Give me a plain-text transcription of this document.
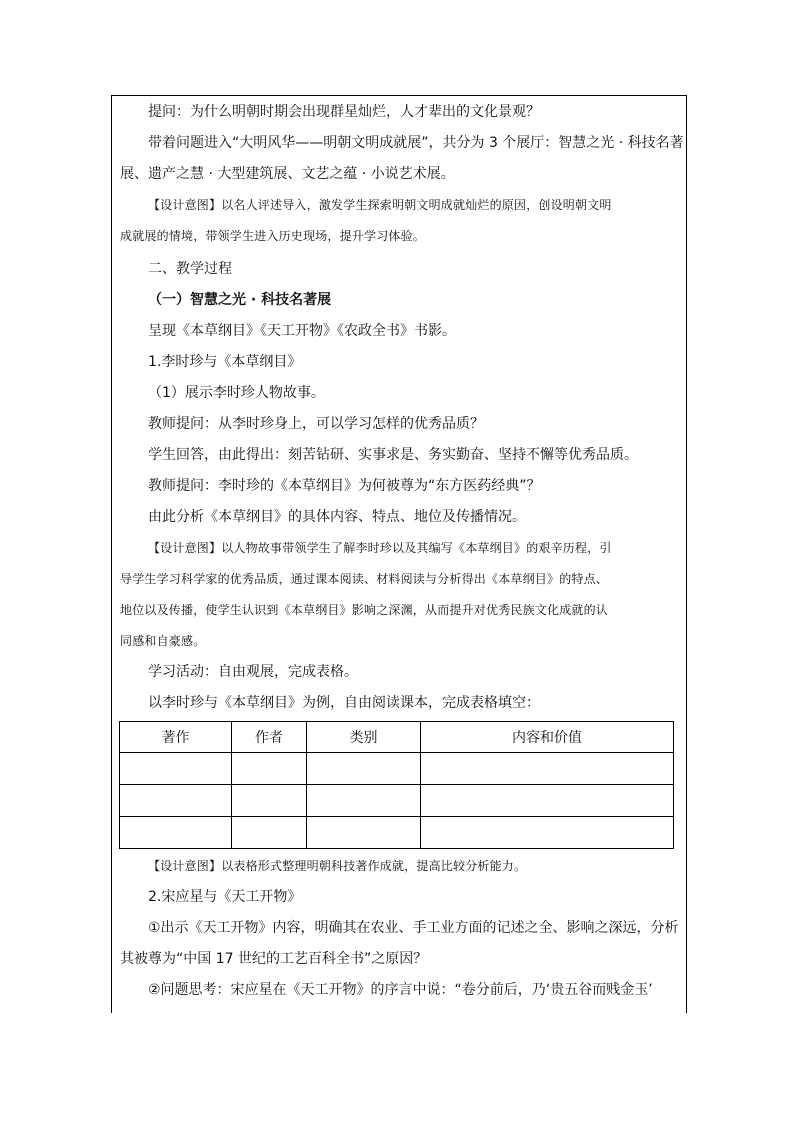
提问：为什么明朝时期会出现群星灿烂，人才辈出的文化景观？
带着问题进入“大明风华——明朝文明成就展”，共分为 3 个展厅：智慧之光 · 科技名著
展、遗产之慧 · 大型建筑展、文艺之蕴 · 小说艺术展。
【设计意图】以名人评述导入，激发学生探索明朝文明成就灿烂的原因，创设明朝文明
成就展的情境，带领学生进入历史现场，提升学习体验。
二、教学过程
（一）智慧之光 · 科技名著展
呈现《本草纲目》《天工开物》《农政全书》书影。
1.李时珍与《本草纲目》
（1）展示李时珍人物故事。
教师提问：从李时珍身上，可以学习怎样的优秀品质？
学生回答，由此得出：刻苦钻研、实事求是、务实勤奋、坚持不懈等优秀品质。
教师提问：李时珍的《本草纲目》为何被尊为“东方医药经典”？
由此分析《本草纲目》的具体内容、特点、地位及传播情况。
【设计意图】以人物故事带领学生了解李时珍以及其编写《本草纲目》的艰辛历程，引
导学生学习科学家的优秀品质，通过课本阅读、材料阅读与分析得出《本草纲目》的特点、
地位以及传播，使学生认识到《本草纲目》影响之深渊，从而提升对优秀民族文化成就的认
同感和自豪感。
学习活动：自由观展，完成表格。
以李时珍与《本草纲目》为例，自由阅读课本，完成表格填空：
著作	作者	类别	内容和价值

【设计意图】以表格形式整理明朝科技著作成就，提高比较分析能力。
2.宋应星与《天工开物》
①出示《天工开物》内容，明确其在农业、手工业方面的记述之全、影响之深远，分析
其被尊为“中国 17 世纪的工艺百科全书”之原因？
②问题思考：宋应星在《天工开物》的序言中说：“卷分前后，乃‘贵五谷而贱金玉’
